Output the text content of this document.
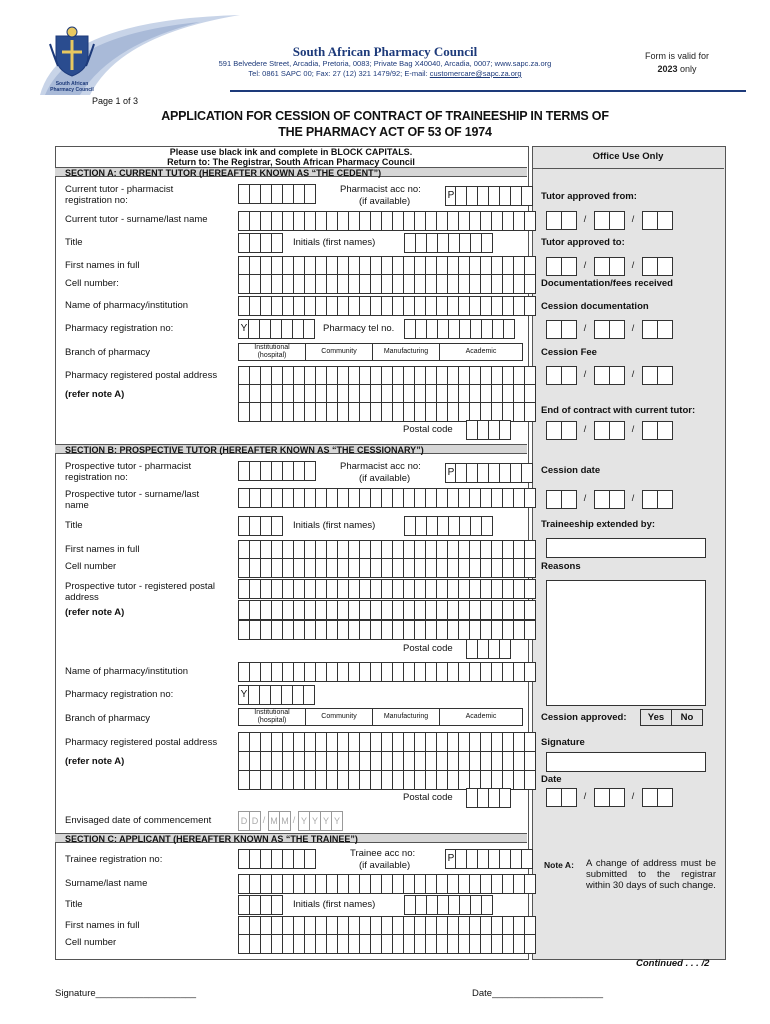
South African
Pharmacy Council
South African Pharmacy Council
591 Belvedere Street, Arcadia, Pretoria, 0083; Private Bag X40040, Arcadia, 0007; www.sapc.za.org
Tel: 0861 SAPC 00; Fax: 27 (12) 321 1479/92; E-mail: customercare@sapc.za.org
Form is valid for
2023 only
Page 1 of 3
APPLICATION FOR CESSION OF CONTRACT OF TRAINEESHIP IN TERMS OF
THE PHARMACY ACT OF 53 OF 1974
Office Use Only
Please use black ink and complete in BLOCK CAPITALS.
Return to: The Registrar, South African Pharmacy Council
SECTION A: CURRENT TUTOR (HEREAFTER KNOWN AS “THE CEDENT”)
Current tutor - pharmacist registration no:
Pharmacist acc no:
(if available)
P
Current tutor - surname/last name
Title	Initials (first names)
First names in full
Cell number:
Name of pharmacy/institution
Pharmacy registration no:	Y	Pharmacy tel no.
Branch of pharmacy	Institutional
(hospital)
Community	Manufacturing	Academic
Pharmacy registered postal address
(refer note A)
Postal code
SECTION B: PROSPECTIVE TUTOR (HEREAFTER KNOWN AS “THE CESSIONARY”)
Prospective tutor - pharmacist registration no:
Pharmacist acc no:
(if available)
P
Prospective tutor - surname/last name
Title	Initials (first names)
First names in full
Cell number
Prospective tutor - registered postal address
(refer note A)
Postal code
Name of pharmacy/institution
Pharmacy registration no:	Y
Branch of pharmacy
Institutional
(hospital)
Community	Manufacturing	Academic
Pharmacy registered postal address
(refer note A)
Postal code
Envisaged date of commencement	D D / M M / Y Y Y Y
SECTION C: APPLICANT (HEREAFTER KNOWN AS “THE TRAINEE”)
Trainee registration no:
Trainee acc no:
(if available)
P
Surname/last name
Title	Initials (first names)
First names in full
Cell number
Tutor approved from:
/	/
Tutor approved to:
/	/
Documentation/fees received
Cession documentation
/	/
Cession Fee
/	/
End of contract with current tutor:
/	/
Cession date
/	/
Traineeship extended by:
Reasons
Cession approved:	Yes	No
Signature
Date
/	/
Note A: A change of address must be submitted to the registrar within 30 days of such change.
Continued . . . /2
Signature___________________	Date_____________________
